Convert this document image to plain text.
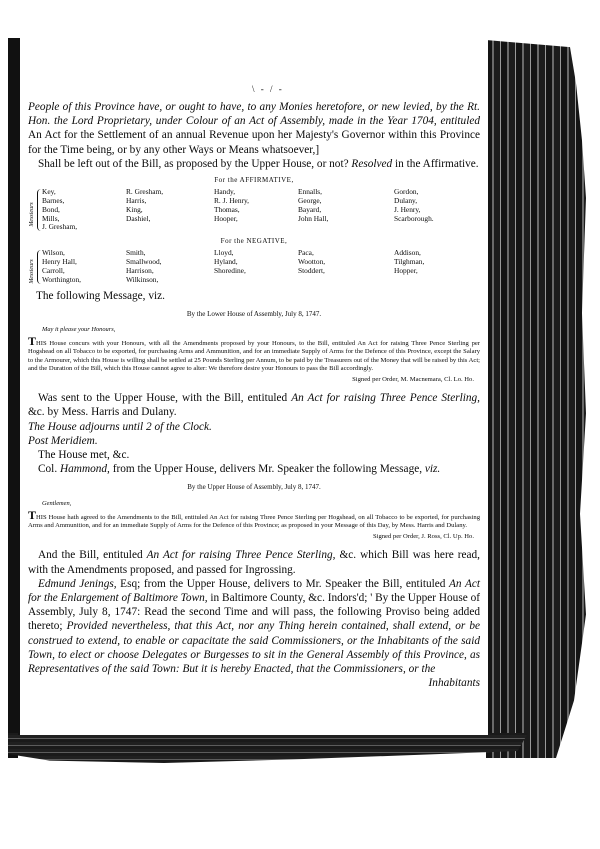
\ - / -

People of this Province have, or ought to have, to any Monies heretofore, or new levied, by the Rt. Hon. the Lord Proprietary, under Colour of an Act of Assembly, made in the Year 1704, entituled An Act for the Settlement of an annual Revenue upon her Majesty's Governor within this Province for the Time being, or by any other Ways or Means whatsoever,]

Shall be left out of the Bill, as proposed by the Upper House, or not? Resolved in the Affirmative.

For the AFFIRMATIVE,
Messieurs
Key,	R. Gresham,	Handy,	Ennalls,	Gordon,
Barnes,	Harris,	R. J. Henry,	George,	Dulany,
Bond,	King,	Thomas,	Bayard,	J. Henry,
Mills,	Dashiel,	Hooper,	John Hall,	Scarborough.
J. Gresham,
For the NEGATIVE,
Messieurs
Wilson,	Smith,	Lloyd,	Paca,	Addison,
Henry Hall,	Smallwood,	Hyland,	Wootton,	Tilghman,
Carroll,	Harrison,	Shoredine,	Stoddert,	Hopper,
Worthington,	Wilkinson,
The following Message, viz.
By the Lower House of Assembly, July 8, 1747.
May it please your Honours,

THIS House concurs with your Honours, with all the Amendments proposed by your Honours, to the Bill, entituled An Act for raising Three Pence Sterling per Hogshead on all Tobacco to be exported, for purchasing Arms and Ammunition, and for an immediate Supply of Arms for the Defence of this Province, except the Salary to the Armourer, which this House is willing shall be settled at 25 Pounds Sterling per Annum, to be paid by the Treasurers out of the Money that will be raised by this Act; and the Duration of the Bill, which this House cannot agree to alter: We therefore desire your Honours to pass the Bill accordingly.

Signed per Order, M. Macnemara, Cl. Lo. Ho.

Was sent to the Upper House, with the Bill, entituled An Act for raising Three Pence Sterling, &c. by Mess. Harris and Dulany.

The House adjourns until 2 of the Clock.

Post Meridiem.

The House met, &c.

Col. Hammond, from the Upper House, delivers Mr. Speaker the following Message, viz.

By the Upper House of Assembly, July 8, 1747.
Gentlemen,

THIS House hath agreed to the Amendments to the Bill, entituled An Act for raising Three Pence Sterling per Hogshead, on all Tobacco to be exported, for purchasing Arms and Ammunition, and for an immediate Supply of Arms for the Defence of this Province; as proposed in your Message of this Day, by Mess. Harris and Dulany.

Signed per Order, J. Ross, Cl. Up. Ho.

And the Bill, entituled An Act for raising Three Pence Sterling, &c. which Bill was here read, with the Amendments proposed, and passed for Ingrossing.

Edmund Jenings, Esq; from the Upper House, delivers to Mr. Speaker the Bill, entituled An Act for the Enlargement of Baltimore Town, in Baltimore County, &c. Indors'd; ' By the Upper House of Assembly, July 8, 1747: Read the second Time and will pass, the following Proviso being added thereto; Provided nevertheless, that this Act, nor any Thing herein contained, shall extend, or be construed to extend, to enable or capacitate the said Commissioners, or the Inhabitants of the said Town, to elect or choose Delegates or Burgesses to sit in the General Assembly of this Province, as Representatives of the said Town: But it is hereby Enacted, that the Commissioners, or the

Inhabitants
